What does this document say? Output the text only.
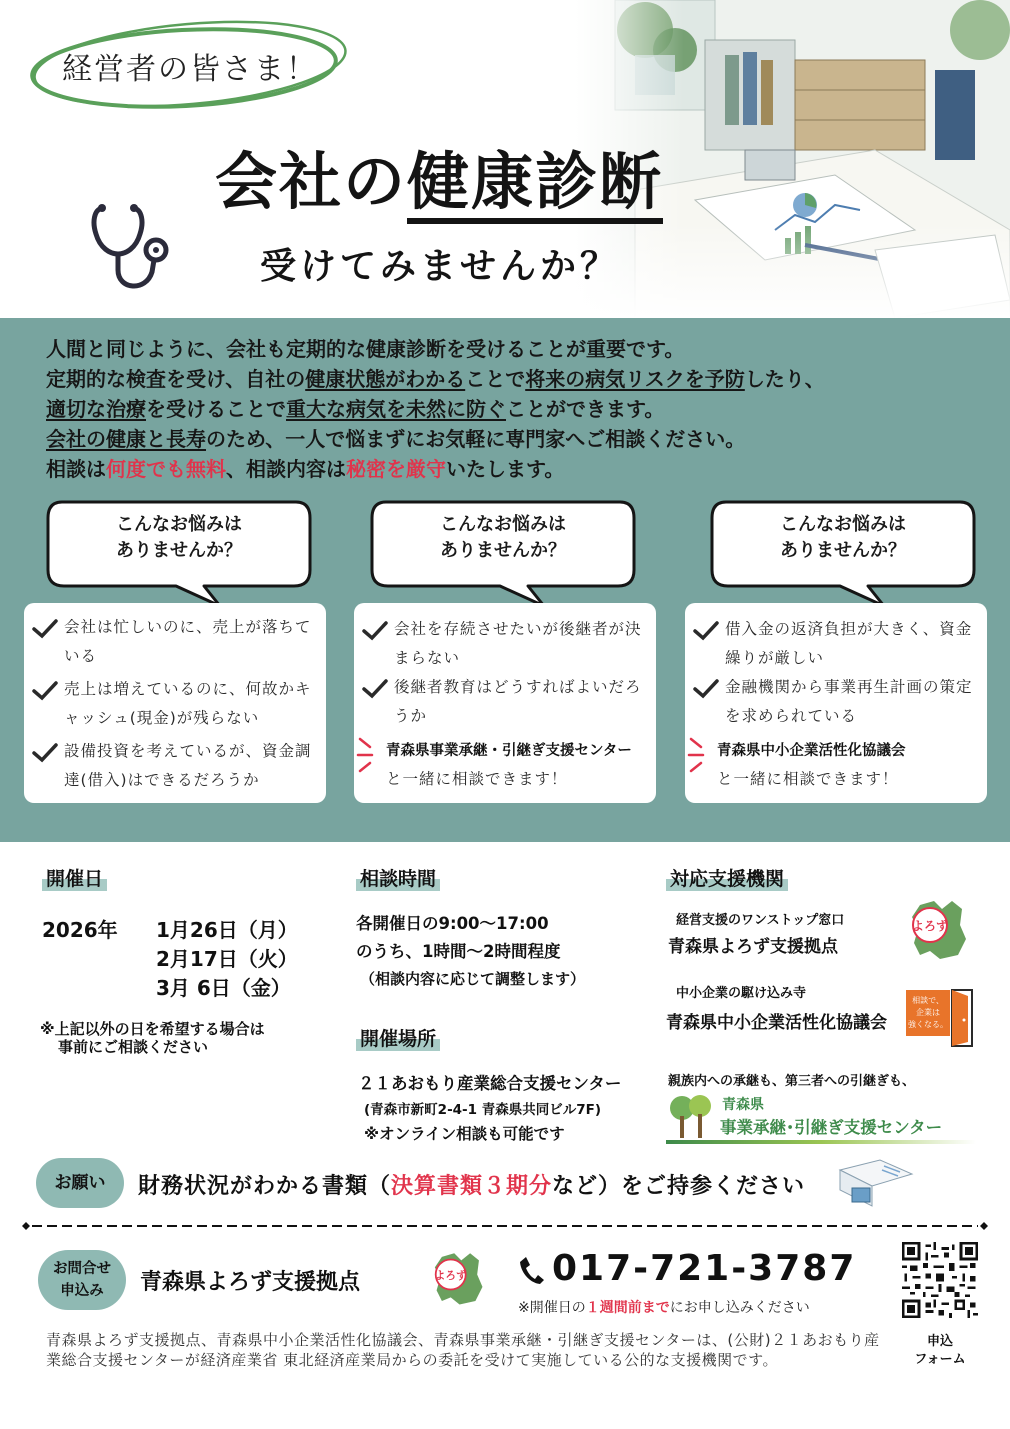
経営者の皆さま！
会社の健康診断
受けてみませんか？
人間と同じように、会社も定期的な健康診断を受けることが重要です。
定期的な検査を受け、自社の健康状態がわかることで将来の病気リスクを予防したり、
適切な治療を受けることで重大な病気を未然に防ぐことができます。
会社の健康と長寿のため、一人で悩まずにお気軽に専門家へご相談ください。
相談は何度でも無料、相談内容は秘密を厳守いたします。
こんなお悩みは
ありませんか？
こんなお悩みは
ありませんか？
こんなお悩みは
ありませんか？
会社は忙しいのに、売上が落ちている
売上は増えているのに、何故かキャッシュ(現金)が残らない
設備投資を考えているが、資金調達(借入)はできるだろうか
会社を存続させたいが後継者が決まらない
後継者教育はどうすればよいだろうか
青森県事業承継・引継ぎ支援センター
と一緒に相談できます！
借入金の返済負担が大きく、資金繰りが厳しい
金融機関から事業再生計画の策定を求められている
青森県中小企業活性化協議会
と一緒に相談できます！
開催日
2026年 1月26日（月）
2月17日（火）
3月 6日（金）
※上記以外の日を希望する場合は
事前にご相談ください
相談時間
各開催日の9:00〜17:00
のうち、1時間〜2時間程度
（相談内容に応じて調整します）
開催場所
２１あおもり産業総合支援センター
(青森市新町2-4-1 青森県共同ビル7F)
※オンライン相談も可能です
対応支援機関
経営支援のワンストップ窓口
青森県よろず支援拠点
よろず
中小企業の駆け込み寺
青森県中小企業活性化協議会
相談で、
企業は
強くなる。
親族内への承継も、第三者への引継ぎも、
青森県
事業承継･引継ぎ支援センター
お願い	財務状況がわかる書類（決算書類３期分など）をご持参ください
お問合せ
申込み	青森県よろず支援拠点	よろず 017-721-3787
※開催日の１週間前までにお申し込みください
申込
フォーム
青森県よろず支援拠点、青森県中小企業活性化協議会、青森県事業承継・引継ぎ支援センターは、(公財)２１あおもり産業総合支援センターが経済産業省 東北経済産業局からの委託を受けて実施している公的な支援機関です。
